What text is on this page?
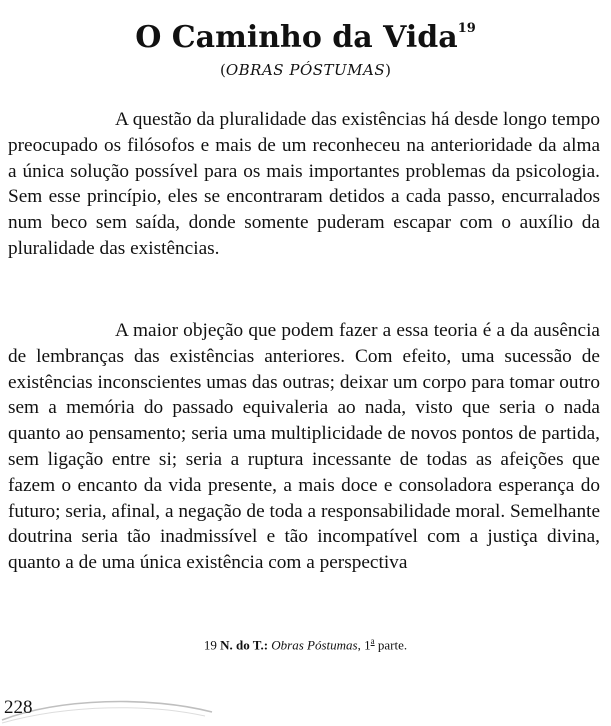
O Caminho da Vida$^{19}$
(OBRAS PÓSTUMAS)

A questão da pluralidade das existências há desde longo tempo preocupado os filósofos e mais de um reconheceu na anterioridade da alma a única solução possível para os mais importantes problemas da psicologia. Sem esse princípio, eles se encontraram detidos a cada passo, encurralados num beco sem saída, donde somente puderam escapar com o auxílio da pluralidade das existências.

A maior objeção que podem fazer a essa teoria é a da ausência de lembranças das existências anteriores. Com efeito, uma sucessão de existências inconscientes umas das outras; deixar um corpo para tomar outro sem a memória do passado equivaleria ao nada, visto que seria o nada quanto ao pensamento; seria uma multiplicidade de novos pontos de partida, sem ligação entre si; seria a ruptura incessante de todas as afeições que fazem o encanto da vida presente, a mais doce e consoladora esperança do futuro; seria, afinal, a negação de toda a responsabilidade moral. Semelhante doutrina seria tão inadmissível e tão incompatível com a justiça divina, quanto a de uma única existência com a perspectiva

19 N. do T.: Obras Póstumas, 1$^a$ parte.
228
